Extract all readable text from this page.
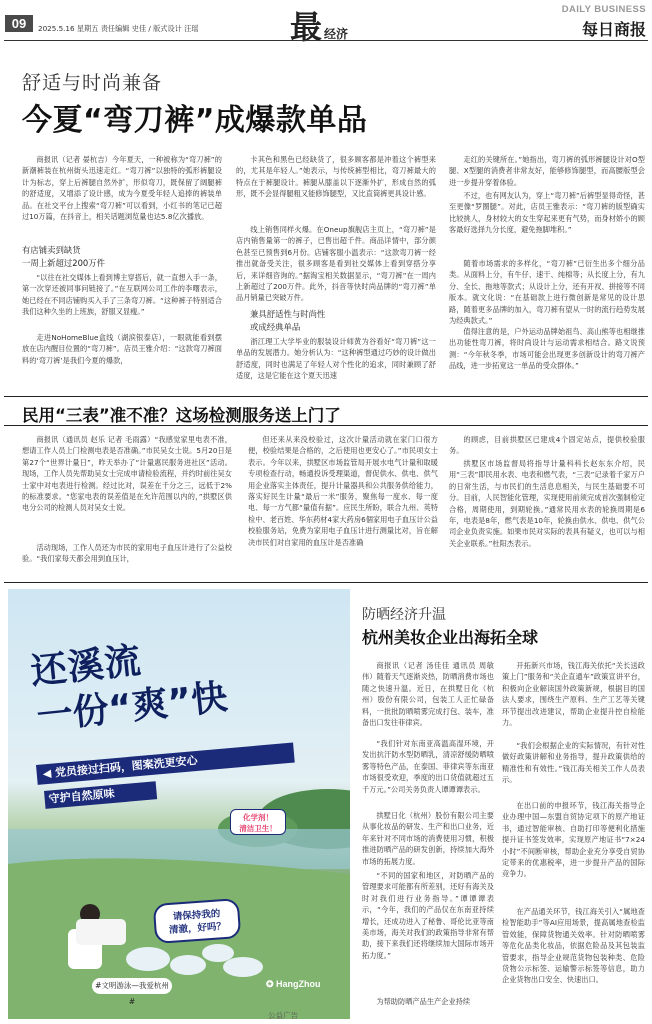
09	2025.5.16 星期五 责任编辑 史佳 / 版式设计 汪瑶	最经济
DAILY BUSINESS
每日商报
舒适与时尚兼备
今夏“弯刀裤”成爆款单品

商报讯（记者 晏杭吉）今年夏天，一种被称为“弯刀裤”的新潮裤装在杭州街头迅速走红。“弯刀裤”以独特的弧形裤腿设计为标志，穿上后裤腿自然外扩，形似弯刀，既保留了阔腿裤的舒适度，又增添了设计感，成为今夏受年轻人追捧的裤装单品。在社交平台上搜索“弯刀裤”可以看到，小红书的笔记已超过10万篇，在抖音上，相关话题浏览量也达5.8亿次播放。

有店铺卖到缺货
一周上新超过200万件

“以往在社交媒体上看到博主穿搭后，就一直想入手一条，第一次穿还被同事问链接了。”在互联网公司工作的李曙表示，她已经在不同店铺购买入手了三条弯刀裤。“这种裤子特别适合我们这种久坐的上班族，舒服又显瘦。”

走进NoHomeBlue盒线（湖滨银泰店），一眼就能看到摆放在店内醒目位置的“弯刀裤”。店员王雅介绍：“这款弯刀裤面料的‘弯刀裤’是我们今夏的爆款，

卡其色和黑色已经缺货了，很多顾客都是冲着这个裤型来的，尤其是年轻人。”她表示，与传统裤型相比，弯刀裤最大的特点在于裤腿设计。裤腿从膝盖以下逐渐外扩，形成自然的弧形，既不会显得腿粗又能修饰腿型，又比直筒裤更具设计感。

线上销售同样火爆。在Oneup旗舰店主页上，“弯刀裤”是店内销售量第一的裤子，已售出超千件。商品详情中，部分颜色甚至已预售到6月份。店铺客服小温表示：“这款弯刀裤一经推出就备受关注，很多顾客是看到社交媒体上看到穿搭分享后，来详细咨询的。”据淘宝相关数据显示，“弯刀裤”在一周内上新超过了200万件。此外，抖音等快时尚品牌的“弯刀裤”单品月销量已突破万件。

兼具舒适性与时尚性
或成经典单品

浙江理工大学毕业的服装设计师黄为谷看好“弯刀裤”这一单品的发展潜力。她分析认为：“这种裤型通过巧妙的设计做出舒适度，同时也满足了年轻人对个性化的追求，同时兼顾了舒适度，这是它能在这个夏天迅速

走红的关键所在。”她指出，弯刀裤的弧形裤腿设计对O型腿、X型腿的消费者非常友好，能够修饰腿型，而高腰版型会进一步提升穿着体验。

不过，也有网友认为，穿上“弯刀裤”后裤型显得奇怪，甚至更像“罗圈腿”。对此，店员王雅表示：“弯刀裤的版型确实比较挑人，身材较大的女生穿起来更有气势，而身材娇小的顾客最好选择九分长度，避免拖脚堆积。”

随着市场需求的多样化，“弯刀裤”已衍生出多个细分品类。从面料上分，有牛仔、速干、纯棉等；从长度上分，有九分、全长、拖地等款式；从设计上分，还有开衩、拼接等不同版本。就文化说：“在基础款上进行微创新是常见的设计思路，随着更多品牌的加入，弯刀裤有望从一时的流行趋势发展为经典款式。”

值得注意的是，户外运动品牌始祖鸟、高山熊等也相继推出功能性弯刀裤，将时尚设计与运动需求相结合。路文说预测：“今年秋冬季，市场可能会出现更多创新设计的弯刀裤产品线，进一步拓宽这一单品的受众群体。”

民用“三表”准不准？这场检测服务送上门了

商报讯（通讯员 赵乐 记者 毛雨露）“我感觉家里电表不准，想请工作人员上门检测电表是否准确。”市民吴女士说。5月20日是第27个“世界计量日”，昨天举办了“计量惠民服务进社区”活动。现场，工作人员先帮助吴女士完成申请检验流程，并约时前往吴女士家中对电表进行检测。经过比对，误差在千分之三，远低于2%的标准要求。“您家电表的误差值是在允许范围以内的，”拱墅区供电分公司的检测人员对吴女士说。

活动现场，工作人员还为市民的家用电子血压计进行了公益校验。“我们家每天都会用到血压计，

但还来从来没校验过，这次计量活动就在家门口很方便，校验结果是合格的，之后使用也更安心了。”市民项女士表示。今年以来，拱墅区市场监管局开展水电气计量和取暖专项检查行动，畅通投诉受理渠道，督促供水、供电、供气用企业落实主体责任，提升计量器具和公共服务供给能力，落实好民生计量“最后一米”服务，聚焦每一度水、每一度电、每一方气都“量值有据”。应民生所盼，联合九州、英特检中、老百姓、华东药材4家大药房6個家用电子血压计公益校验服务站，免费为家用电子血压计进行测量比对，旨在解决市民们对自家用的血压计是否准确

的顾虑，目前拱墅区已建成4个固定站点，提供校验服务。

拱墅区市场监督局将指导计量科科长赵东东介绍，民用“三表”即民用水表、电表和燃气表，“三表”记录着千家万户的日常生活，与市民们的生活息息相关，与民生基础要不可分。目前，人民智能化管理，实现使用前须完成首次强制检定合格，周期使用，到期轮换。”通常民用水表的轮换周期是6年，电表是8年，燃气表是10年，轮换由供水、供电、供气公司企业负责实施。如果市民对实际的表具有疑义，也可以与相关企业联系。”杜阳杰表示。

还溪流
一份“爽”快
◀ 党员接过扫码，图案洗更安心
守护自然原味
化学剂！
清洁卫生！
请保持我的
清澈，好吗？
#文明游泳—我爱杭州#
✪ HangZhou
公益广告
防晒经济升温
杭州美妆企业出海拓全球

商报讯（记者 汤佳佳 通讯员 周敏伟）随着天气逐渐炎热，防晒消费市场也随之快速升温。近日，在拱墅日化（杭州）股份有限公司，包装工人正忙碌备料，一批批防晒喷雾完成打包、装车，准备出口发往菲律宾。

“我们针对东南亚高温高湿环境，开发出抗汗防水型防晒乳，清凉舒缓防晒喷雾等特色产品，在泰国、菲律宾等东南亚市场很受欢迎，季度的出口货值就超过五千万元。”公司关务负责人谭谭谭表示。

拱墅日化（杭州）股份有限公司主要从事化妆品的研发、生产和出口业务，近年来针对不同市场的消费使用习惯，积极推进防晒产品的研发创新，持续加大海外市场的拓展力度。

“不同的国家和地区，对防晒产品的管理要求可能都有所差别，还好有海关及时对我们进行业务指导。”谭谭谭表示，“今年，我们的产品仅在东南亚持续增长，还成功进入了秘鲁、哥伦比亚等南美市场，海关对我们的政策指导非常有帮助，接下来我们还将继续加大国际市场开拓力度。”

为帮助防晒产品生产企业持续

开拓新兴市场，钱江海关依托“关长送政策上门”服务和“关企直通车”政策宣讲平台，积极向企业解读国外政策新规，根据目的国法人要求，围绕生产原料、生产工艺等关键环节提出改进建议，帮助企业提升控自检能力。

“我们会根据企业的实际情况，有针对性做好政策讲解和业务指导，提升政策供给的精准性和有效性。”钱江海关相关工作人员表示。

在出口前的申报环节，钱江海关指导企业办理中国—东盟自贸协定项下的原产地证书，通过智能审核、自助打印等便利化措施提升证书签发效率，实现原产地证书“7×24小时”不间断审核，帮助企业充分享受自贸协定带来的优惠税率，进一步提升产品的国际竞争力。

在产品通关环节，钱江海关引入“属地查检智能助手”等AI应用场景，提高属地查检监管效能，保障货物通关效率。针对防晒喷雾等危化品类化妆品，依据危险品及其包装监管要求，指导企业规范货物包装种类、危险货物公示标签、运输警示标签等信息，助力企业货物出口安全、快速出口。
